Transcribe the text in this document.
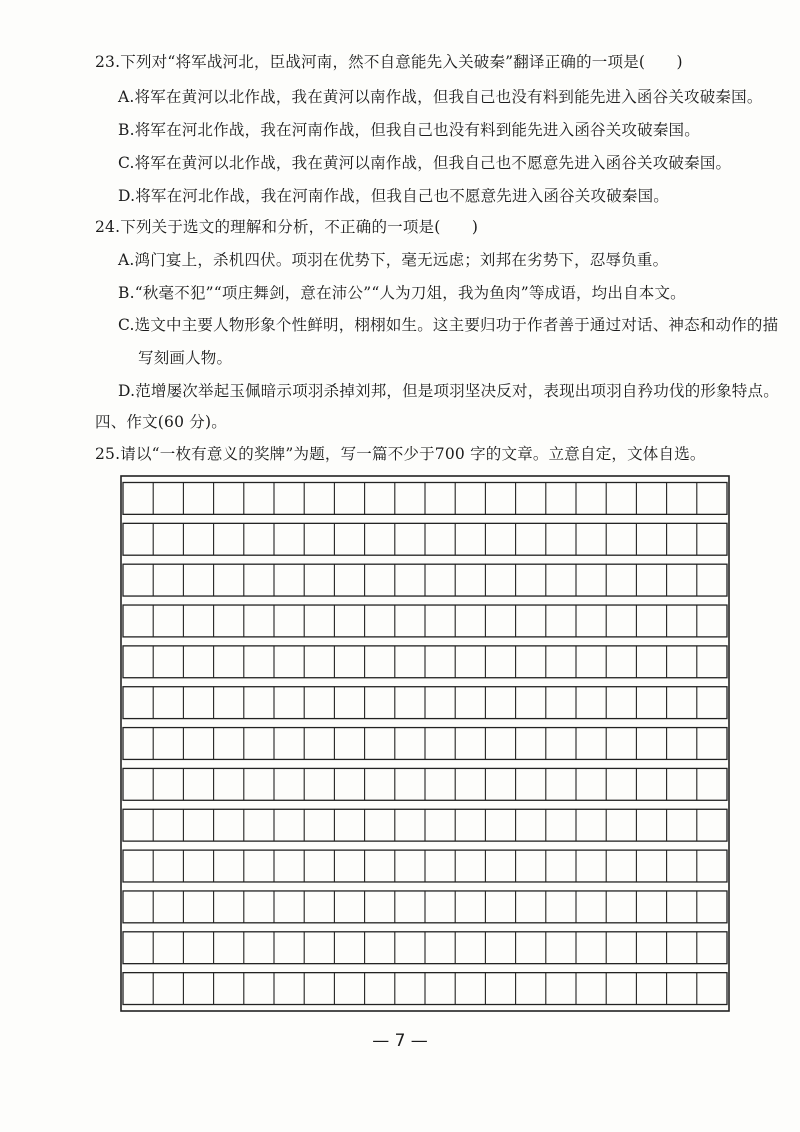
23.下列对“将军战河北，臣战河南，然不自意能先入关破秦”翻译正确的一项是(　　)
A.将军在黄河以北作战，我在黄河以南作战，但我自己也没有料到能先进入函谷关攻破秦国。
B.将军在河北作战，我在河南作战，但我自己也没有料到能先进入函谷关攻破秦国。
C.将军在黄河以北作战，我在黄河以南作战，但我自己也不愿意先进入函谷关攻破秦国。
D.将军在河北作战，我在河南作战，但我自己也不愿意先进入函谷关攻破秦国。
24.下列关于选文的理解和分析，不正确的一项是(　　)
A.鸿门宴上，杀机四伏。项羽在优势下，毫无远虑；刘邦在劣势下，忍辱负重。
B.“秋毫不犯”“项庄舞剑，意在沛公”“人为刀俎，我为鱼肉”等成语，均出自本文。
C.选文中主要人物形象个性鲜明，栩栩如生。这主要归功于作者善于通过对话、神态和动作的描
写刻画人物。
D.范增屡次举起玉佩暗示项羽杀掉刘邦，但是项羽坚决反对，表现出项羽自矜功伐的形象特点。
四、作文(60 分)。
25.请以“一枚有意义的奖牌”为题，写一篇不少于700 字的文章。立意自定，文体自选。
— 7 —
